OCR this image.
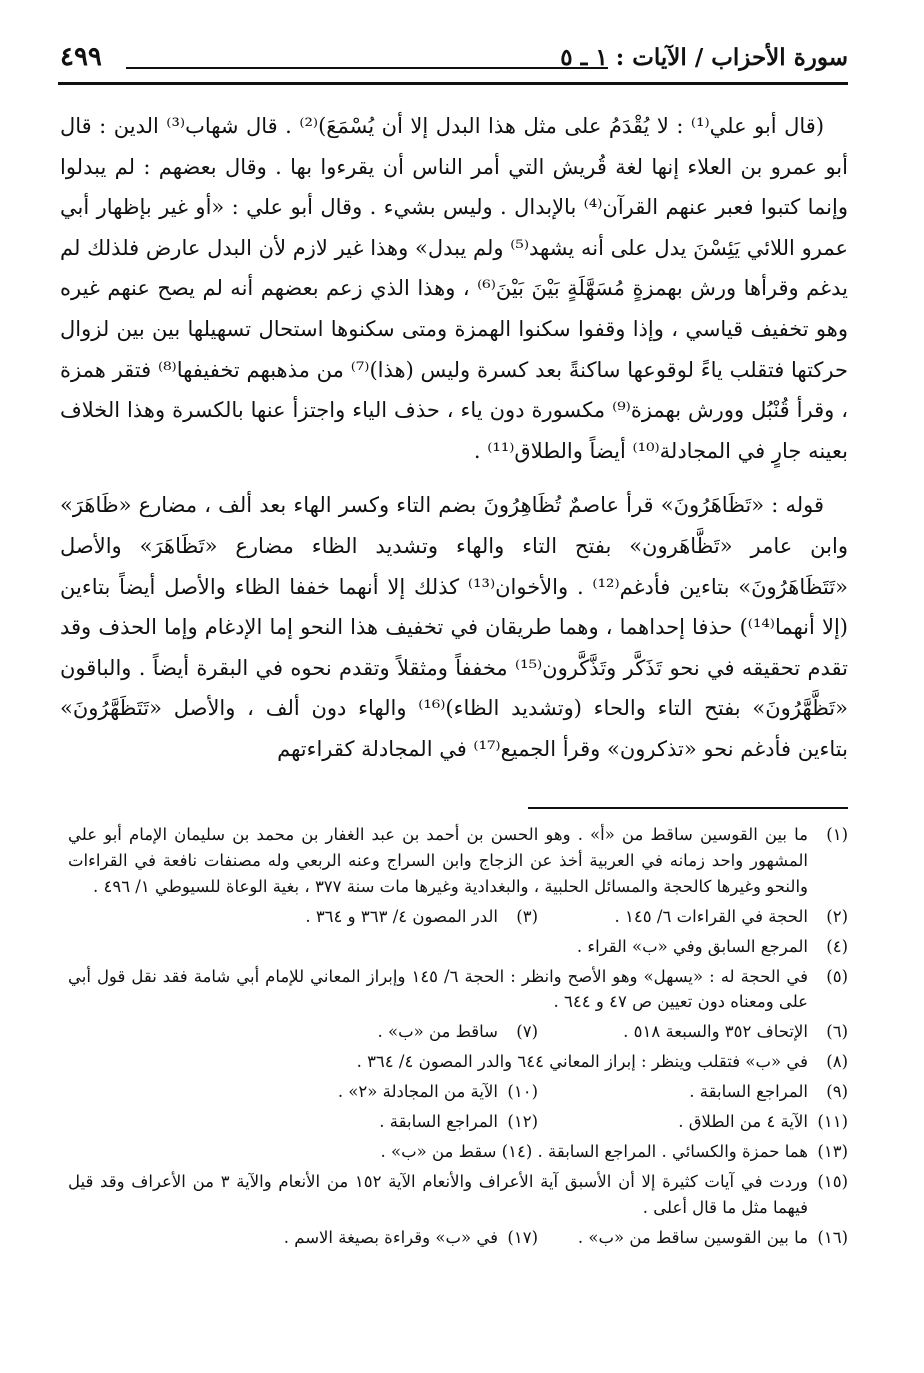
٤٩٩	سورة الأحزاب / الآيات : ١ ـ ٥

(قال أبو علي⁽¹⁾ : لا يُقْدَمُ على مثل هذا البدل إلا أن يُسْمَعَ)⁽²⁾ . قال شهاب⁽³⁾ الدين : قال أبو عمرو بن العلاء إنها لغة قُريش التي أمر الناس أن يقرءوا بها . وقال بعضهم : لم يبدلوا وإنما كتبوا فعبر عنهم القرآن⁽⁴⁾ بالإبدال . وليس بشيء . وقال أبو علي : «أو غير بإظهار أبي عمرو اللائي يَئِسْنَ يدل على أنه يشهد⁽⁵⁾ ولم يبدل» وهذا غير لازم لأن البدل عارض فلذلك لم يدغم وقرأها ورش بهمزةٍ مُسَهَّلَةٍ بَيْنَ بَيْنَ⁽⁶⁾ ، وهذا الذي زعم بعضهم أنه لم يصح عنهم غيره وهو تخفيف قياسي ، وإذا وقفوا سكنوا الهمزة ومتى سكنوها استحال تسهيلها بين بين لزوال حركتها فتقلب ياءً لوقوعها ساكنةً بعد كسرة وليس (هذا)⁽⁷⁾ من مذهبهم تخفيفها⁽⁸⁾ فتقر همزة ، وقرأ قُنْبُل وورش بهمزة⁽⁹⁾ مكسورة دون ياء ، حذف الياء واجتزأ عنها بالكسرة وهذا الخلاف بعينه جارٍ في المجادلة⁽¹⁰⁾ أيضاً والطلاق⁽¹¹⁾ .

قوله : «تَظَاهَرُونَ» قرأ عاصمٌ تُظَاهِرُونَ بضم التاء وكسر الهاء بعد ألف ، مضارع «ظَاهَرَ» وابن عامر «تَظَّاهَرون» بفتح التاء والهاء وتشديد الظاء مضارع «تَظَاهَرَ» والأصل «تَتَظَاهَرُونَ» بتاءين فأدغم⁽¹²⁾ . والأخوان⁽¹³⁾ كذلك إلا أنهما خففا الظاء والأصل أيضاً بتاءين (إلا أنهما⁽¹⁴⁾) حذفا إحداهما ، وهما طريقان في تخفيف هذا النحو إما الإدغام وإما الحذف وقد تقدم تحقيقه في نحو تَذَكَّر وتَذَّكَّرون⁽¹⁵⁾ مخففاً ومثقلاً وتقدم نحوه في البقرة أيضاً . والباقون «تَظَّهَّرُونَ» بفتح التاء والحاء (وتشديد الظاء)⁽¹⁶⁾ والهاء دون ألف ، والأصل «تَتَظَهَّرُونَ» بتاءين فأدغم نحو «تذكرون» وقرأ الجميع⁽¹⁷⁾ في المجادلة كقراءتهم

(١)
ما بين القوسين ساقط من «أ» . وهو الحسن بن أحمد بن عبد الغفار بن محمد بن سليمان الإمام أبو علي المشهور واحد زمانه في العربية أخذ عن الزجاج وابن السراج وعنه الربعي وله مصنفات نافعة في القراءات والنحو وغيرها كالحجة والمسائل الحلبية ، والبغدادية وغيرها مات سنة ٣٧٧ ، بغية الوعاة للسيوطي ١/ ٤٩٦ .
(٢)
الحجة في القراءات ٦/ ١٤٥ .
(٣)
الدر المصون ٤/ ٣٦٣ و ٣٦٤ .
(٤)
المرجع السابق وفي «ب» القراء .
(٥)
في الحجة له : «يسهل» وهو الأصح وانظر : الحجة ٦/ ١٤٥ وإبراز المعاني للإمام أبي شامة فقد نقل قول أبي على ومعناه دون تعيين ص ٤٧ و ٦٤٤ .
(٦)
الإتحاف ٣٥٢ والسبعة ٥١٨ .
(٧)
ساقط من «ب» .
(٨)
في «ب» فتقلب وينظر : إبراز المعاني ٦٤٤ والدر المصون ٤/ ٣٦٤ .
(٩)
المراجع السابقة .
(١٠)
الآية من المجادلة «٢» .
(١١)
الآية ٤ من الطلاق .
(١٢)
المراجع السابقة .
(١٣)
هما حمزة والكسائي . المراجع السابقة . (١٤) سقط من «ب» .
(١٥)
وردت في آيات كثيرة إلا أن الأسبق آية الأعراف والأنعام الآية ١٥٢ من الأنعام والآية ٣ من الأعراف وقد قيل فيهما مثل ما قال أعلى .
(١٦)
ما بين القوسين ساقط من «ب» .
(١٧)
في «ب» وقراءة بصيغة الاسم .
